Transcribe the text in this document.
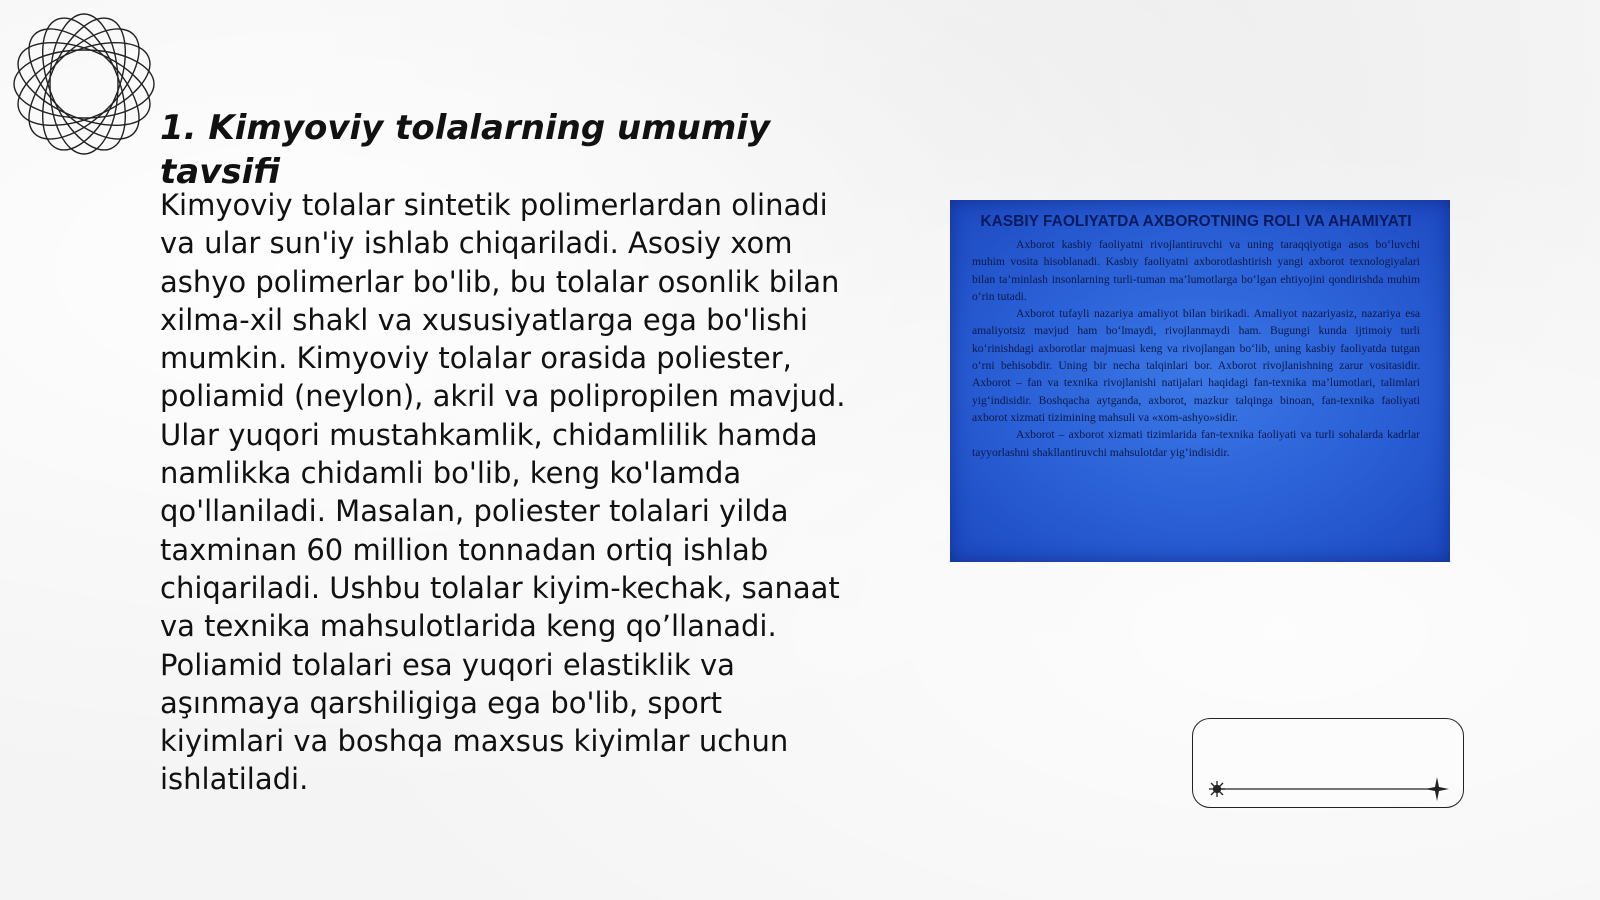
1. Kimyoviy tolalarning umumiy tavsifi

Kimyoviy tolalar sintetik polimerlardan olinadi va ular sun'iy ishlab chiqariladi. Asosiy xom ashyo polimerlar bo'lib, bu tolalar osonlik bilan xilma-xil shakl va xususiyatlarga ega bo'lishi mumkin. Kimyoviy tolalar orasida poliester, poliamid (neylon), akril va polipropilen mavjud. Ular yuqori mustahkamlik, chidamlilik hamda namlikka chidamli bo'lib, keng ko'lamda qo'llaniladi. Masalan, poliester tolalari yilda taxminan 60 million tonnadan ortiq ishlab chiqariladi. Ushbu tolalar kiyim-kechak, sanaat va texnika mahsulotlarida keng qo’llanadi. Poliamid tolalari esa yuqori elastiklik va aşınmaya qarshiligiga ega bo'lib, sport kiyimlari va boshqa maxsus kiyimlar uchun ishlatiladi.

KASBIY FAOLIYATDA AXBOROTNING ROLI VA AHAMIYATI

Axborot kasbiy faoliyatni rivojlantiruvchi va uning taraqqiyotiga asos bo‘luvchi muhim vosita hisoblanadi. Kasbiy faoliyatni axborotlashtirish yangi axborot texnologiyalari bilan ta’minlash insonlarning turli-tuman ma’lumotlarga bo‘lgan ehtiyojini qondirishda muhim o‘rin tutadi.

Axborot tufayli nazariya amaliyot bilan birikadi. Amaliyot nazariyasiz, nazariya esa amaliyotsiz mavjud ham bo‘lmaydi, rivojlanmaydi ham. Bugungi kunda ijtimoiy turli ko‘rinishdagi axborotlar majmuasi keng va rivojlangan bo‘lib, uning kasbiy faoliyatda tutgan o‘rni behisobdir. Uning bir necha talqinlari bor. Axborot rivojlanishning zarur vositasidir. Axborot – fan va texnika rivojlanishi natijalari haqidagi fan-texnika ma’lumotlari, talimlari yig‘indisidir. Boshqacha aytganda, axborot, mazkur talqinga binoan, fan-texnika faoliyati axborot xizmati tizimining mahsuli va «xom-ashyo»sidir.

Axborot – axborot xizmati tizimlarida fan-texnika faoliyati va turli sohalarda kadrlar tayyorlashni shakllantiruvchi mahsulotdar yig‘indisidir.
